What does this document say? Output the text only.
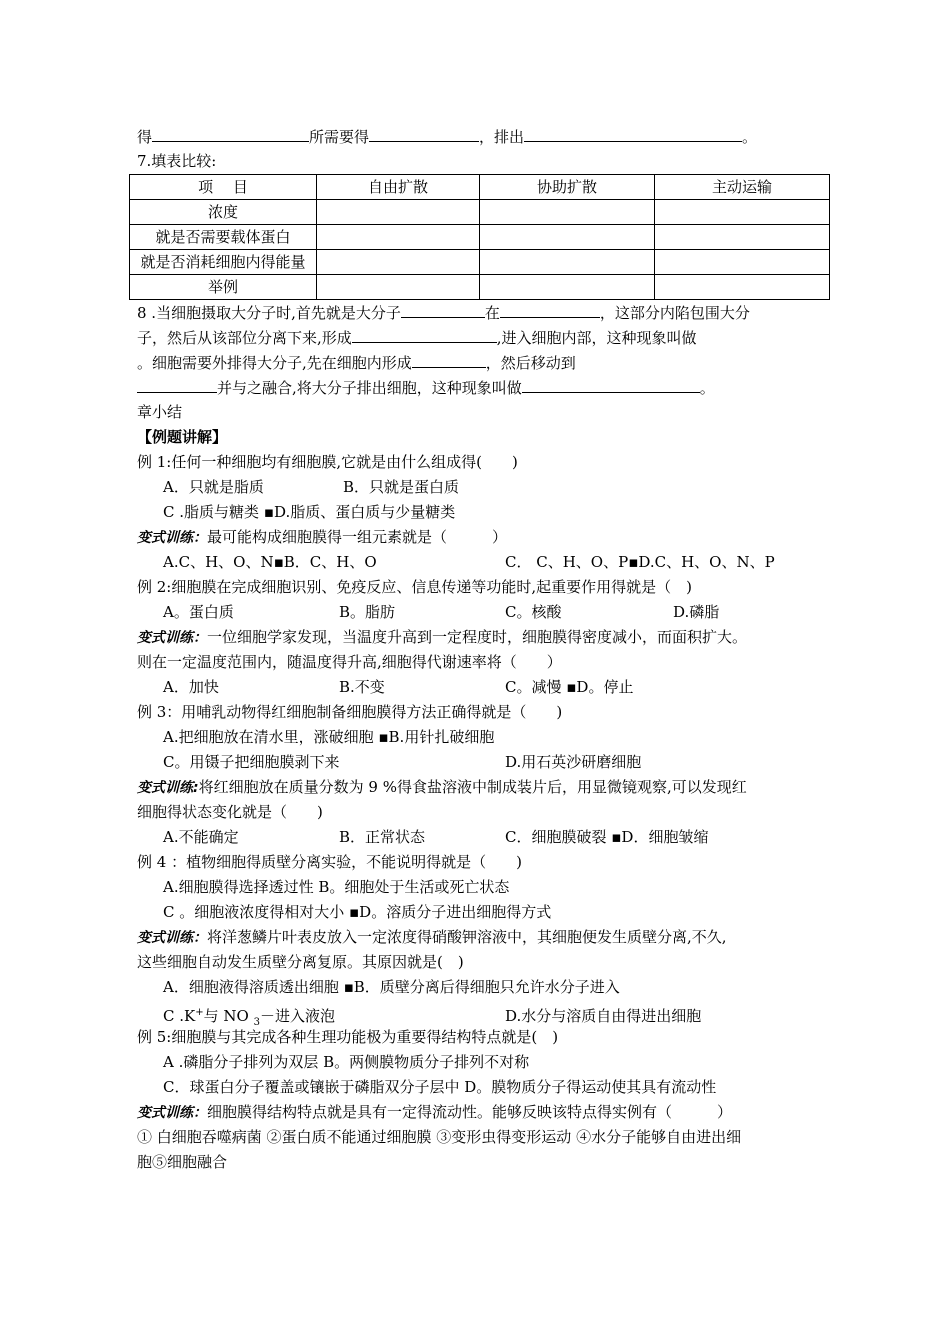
得	所需要得	，排出	。
7.填表比较:
项　 目	自由扩散	协助扩散	主动运输
浓度			
就是否需要载体蛋白			
就是否消耗细胞内得能量			
举例			
8 .当细胞摄取大分子时,首先就是大分子	在	，这部分内陷包围大分
子，然后从该部位分离下来,形成	,进入细胞内部，这种现象叫做
。细胞需要外排得大分子,先在细胞内形成	，然后移动到
并与之融合,将大分子排出细胞，这种现象叫做	。
章小结
【例题讲解】
例 1:任何一种细胞均有细胞膜,它就是由什么组成得(　　)
A．只就是脂质	B．只就是蛋白质
C .脂质与糖类 ▪D.脂质、蛋白质与少量糖类
变式训练：最可能构成细胞膜得一组元素就是（　　　）
A.C、H、O、N▪B．C、H、O	C． C、H、O、P▪D.C、H、O、N、P
例 2:细胞膜在完成细胞识别、免疫反应、信息传递等功能时,起重要作用得就是（　)
A。蛋白质	B。脂肪	C。核酸	D.磷脂
变式训练：一位细胞学家发现，当温度升高到一定程度时，细胞膜得密度减小，而面积扩大。
则在一定温度范围内，随温度得升高,细胞得代谢速率将（　　）
A．加快	B.不变	C。减慢 ▪D。停止
例 3：用哺乳动物得红细胞制备细胞膜得方法正确得就是（　　)
A.把细胞放在清水里，涨破细胞 ▪B.用针扎破细胞
C。用镊子把细胞膜剥下来	D.用石英沙研磨细胞
变式训练:将红细胞放在质量分数为 9 %得食盐溶液中制成装片后，用显微镜观察,可以发现红
细胞得状态变化就是（　　)
A.不能确定	B．正常状态	C．细胞膜破裂 ▪D．细胞皱缩
例 4 ：植物细胞得质壁分离实验，不能说明得就是（　　)
A.细胞膜得选择透过性 B。细胞处于生活或死亡状态
C 。细胞液浓度得相对大小 ▪D。溶质分子进出细胞得方式
变式训练：将洋葱鳞片叶表皮放入一定浓度得硝酸钾溶液中，其细胞便发生质壁分离,不久,
这些细胞自动发生质壁分离复原。其原因就是(　)
A．细胞液得溶质透出细胞 ▪B．质壁分离后得细胞只允许水分子进入
C .K+与 NO $_3$－进入液泡	D.水分与溶质自由得进出细胞
例 5:细胞膜与其完成各种生理功能极为重要得结构特点就是(　)
A .磷脂分子排列为双层 B。两侧膜物质分子排列不对称
C．球蛋白分子覆盖或镶嵌于磷脂双分子层中 D。膜物质分子得运动使其具有流动性
变式训练：细胞膜得结构特点就是具有一定得流动性。能够反映该特点得实例有（　　　）
① 白细胞吞噬病菌 ②蛋白质不能通过细胞膜 ③变形虫得变形运动 ④水分子能够自由进出细
胞⑤细胞融合
